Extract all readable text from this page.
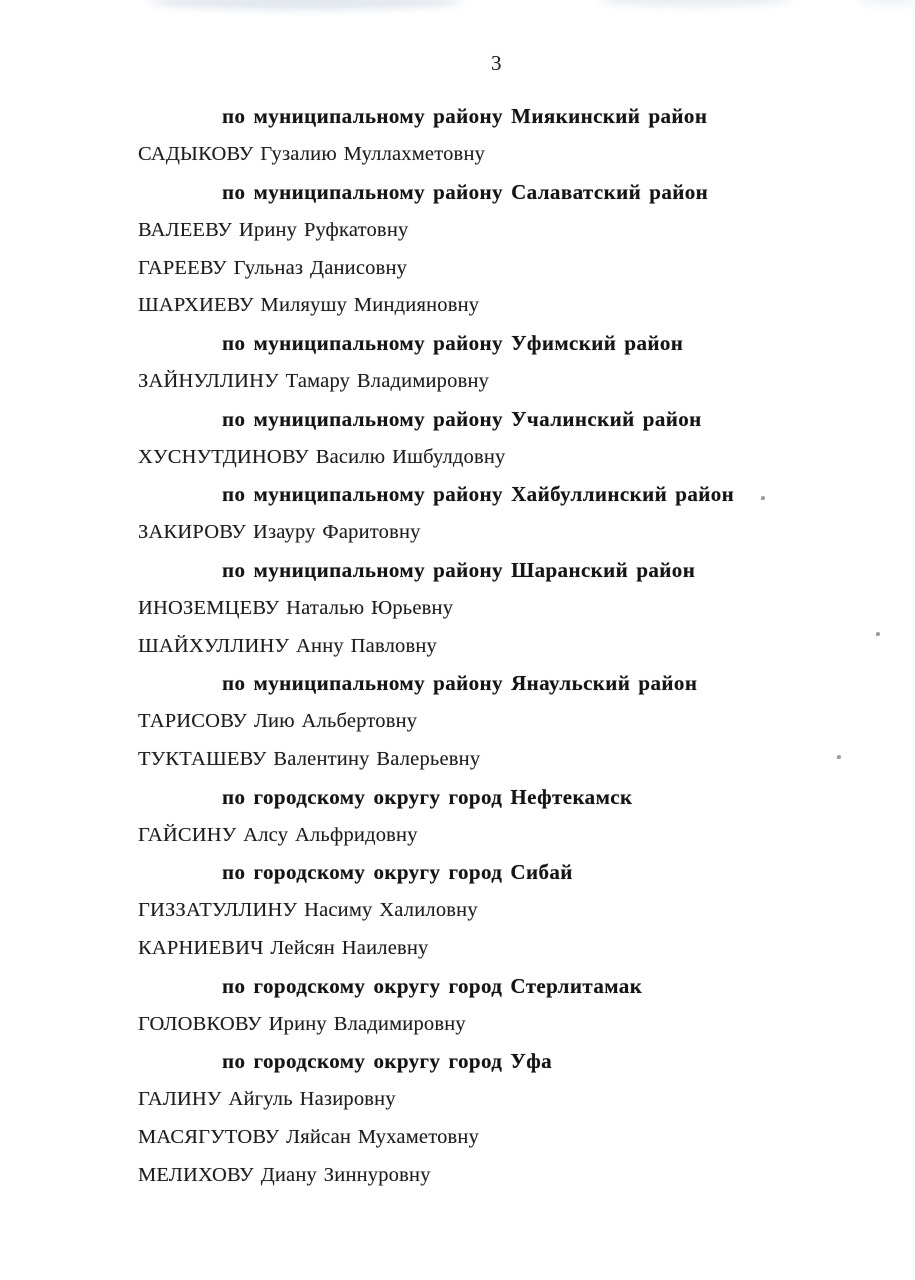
3
по муниципальному району Миякинский район
САДЫКОВУ Гузалию Муллахметовну
по муниципальному району Салаватский район
ВАЛЕЕВУ Ирину Руфкатовну
ГАРЕЕВУ Гульназ Данисовну
ШАРХИЕВУ Миляушу Миндияновну
по муниципальному району Уфимский район
ЗАЙНУЛЛИНУ Тамару Владимировну
по муниципальному району Учалинский район
ХУСНУТДИНОВУ Василю Ишбулдовну
по муниципальному району Хайбуллинский район
ЗАКИРОВУ Изауру Фаритовну
по муниципальному району Шаранский район
ИНОЗЕМЦЕВУ Наталью Юрьевну
ШАЙХУЛЛИНУ Анну Павловну
по муниципальному району Янаульский район
ТАРИСОВУ Лию Альбертовну
ТУКТАШЕВУ Валентину Валерьевну
по городскому округу город Нефтекамск
ГАЙСИНУ Алсу Альфридовну
по городскому округу город Сибай
ГИЗЗАТУЛЛИНУ Насиму Халиловну
КАРНИЕВИЧ Лейсян Наилевну
по городскому округу город Стерлитамак
ГОЛОВКОВУ Ирину Владимировну
по городскому округу город Уфа
ГАЛИНУ Айгуль Назировну
МАСЯГУТОВУ Ляйсан Мухаметовну
МЕЛИХОВУ Диану Зиннуровну
